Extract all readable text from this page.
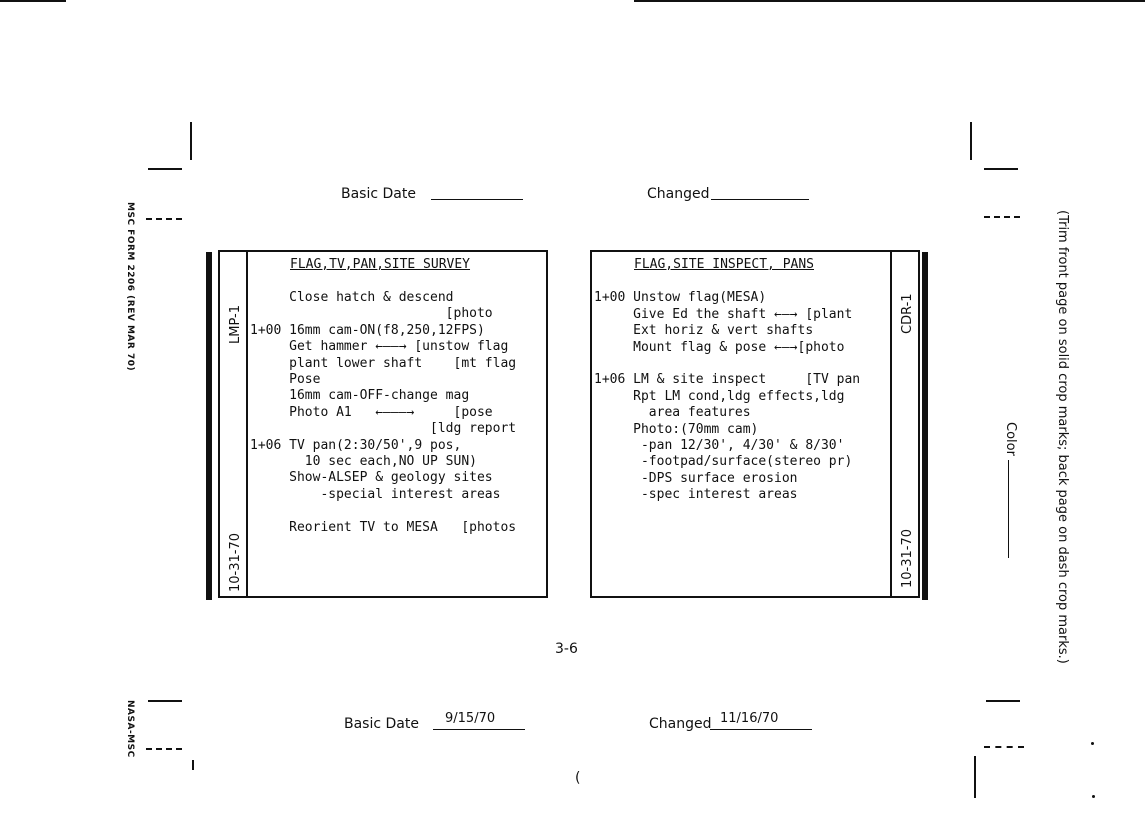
MSC FORM 2206 (REV MAR 70)
NASA-MSC
(Trim front page on solid crop marks; back page on dash crop marks.)
Color
Basic Date	Changed
LMP-1
10-31-70
FLAG,TV,PAN,SITE SURVEY
Close hatch & descend
[photo
1+00 16mm cam-ON(f8,250,12FPS)
Get hammer ←——→ [unstow flag
plant lower shaft    [mt flag
Pose
16mm cam-OFF-change mag
Photo A1   ←———→     [pose
[ldg report
1+06 TV pan(2:30/50',9 pos,
10 sec each,NO UP SUN)
Show-ALSEP & geology sites
-special interest areas

Reorient TV to MESA   [photos
CDR-1
10-31-70
FLAG,SITE INSPECT, PANS

1+00 Unstow flag(MESA)
Give Ed the shaft ←—→ [plant
Ext horiz & vert shafts
Mount flag & pose ←—→[photo

1+06 LM & site inspect     [TV pan
Rpt LM cond,ldg effects,ldg
area features
Photo:(70mm cam)
-pan 12/30', 4/30' & 8/30'
-footpad/surface(stereo pr)
-DPS surface erosion
-spec interest areas
3-6
Basic Date 9/15/70	Changed 11/16/70
(
